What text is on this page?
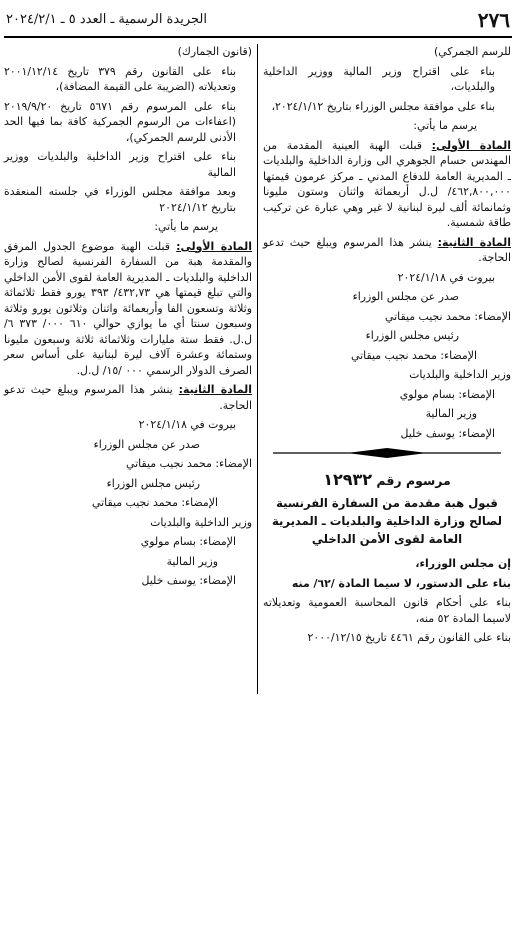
٢٧٦
الجريدة الرسمية ـ العدد ٥ ـ ٢٠٢٤/٢/١
للرسم الجمركي)
بناء على اقتراح وزير المالية ووزير الداخلية والبلديات،
بناء على موافقة مجلس الوزراء بتاريخ ٢٠٢٤/١/١٢،
يرسم ما يأتي:
المادة الأولى: قبلت الهبة العينية المقدمة من المهندس حسام الجوهري الى وزارة الداخلية والبلديات ـ المديرية العامة للدفاع المدني ـ مركز عرمون قيمتها ٤٦٢,٨٠٠,٠٠٠/ ل.ل أربعمائة واثنان وستون مليونا وثمانمائة ألف ليرة لبنانية لا غير وهي عبارة عن تركيب طاقة شمسية.
المادة الثانية: ينشر هذا المرسوم ويبلغ حيث تدعو الحاجة.
بيروت في ٢٠٢٤/١/١٨
صدر عن مجلس الوزراء
الإمضاء: محمد نجيب ميقاتي
رئيس مجلس الوزراء
الإمضاء: محمد نجيب ميقاتي
وزير الداخلية والبلديات
الإمضاء: بسام مولوي
وزير المالية
الإمضاء: يوسف خليل
مرسوم رقم ١٢٩٣٢
قبول هبة مقدمة من السفارة الفرنسية لصالح وزارة الداخلية والبلديات ـ المديرية العامة لقوى الأمن الداخلي
إن مجلس الوزراء،
بناء على الدستور، لا سيما المادة /٦٢/ منه
بناء على أحكام قانون المحاسبة العمومية وتعديلاته لاسيما المادة ٥٢ منه،
بناء على القانون رقم ٤٤٦١ تاريخ ٢٠٠٠/١٢/١٥
(قانون الجمارك)
بناء على القانون رقم ٣٧٩ تاريخ ٢٠٠١/١٢/١٤ وتعديلاته (الضريبة على القيمة المضافة)،
بناء على المرسوم رقم ٥٦٧١ تاريخ ٢٠١٩/٩/٢٠ (اعفاءات من الرسوم الجمركية كافة بما فيها الحد الأدنى للرسم الجمركي)،
بناء على اقتراح وزير الداخلية والبلديات ووزير المالية
وبعد موافقة مجلس الوزراء في جلسته المنعقدة بتاريخ ٢٠٢٤/١/١٢
يرسم ما يأتي:
المادة الأولى: قبلت الهبة موضوع الجدول المرفق والمقدمة هبة من السفارة الفرنسية لصالح وزارة الداخلية والبلديات ـ المديرية العامة لقوى الأمن الداخلي والتي تبلغ قيمتها هي ٤٣٢,٧٣/ ٣٩٣ يورو فقط ثلاثمائة وثلاثة وتسعون الفا وأربعمائة واثنان وثلاثون يورو وثلاثة وسبعون سنتا أي ما يوازي حوالي ٦١٠ ٠٠٠/ ٣٧٣ ٦/ل.ل. فقط ستة مليارات وثلاثمائة ثلاثة وسبعون مليونا وستمائة وعشرة آلاف ليرة لبنانية على أساس سعر الصرف الدولار الرسمي ٠٠٠ /١٥/ ل.ل.
المادة الثانية: ينشر هذا المرسوم ويبلغ حيث تدعو الحاجة.
بيروت في ٢٠٢٤/١/١٨
صدر عن مجلس الوزراء
الإمضاء: محمد نجيب ميقاتي
رئيس مجلس الوزراء
الإمضاء: محمد نجيب ميقاتي
وزير الداخلية والبلديات
الإمضاء: بسام مولوي
وزير المالية
الإمضاء: يوسف خليل
